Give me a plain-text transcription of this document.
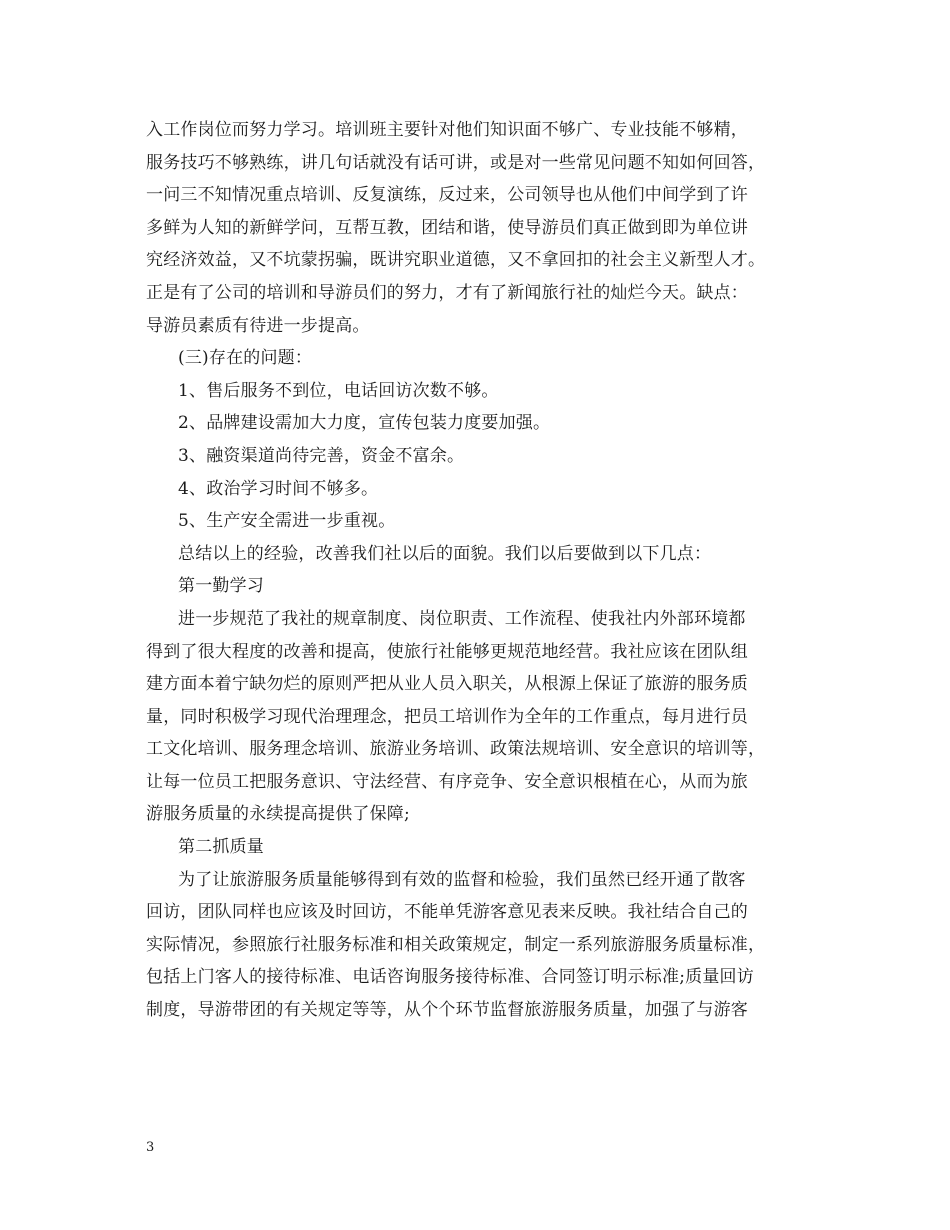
入工作岗位而努力学习。培训班主要针对他们知识面不够广、专业技能不够精，
服务技巧不够熟练，讲几句话就没有话可讲，或是对一些常见问题不知如何回答，
一问三不知情况重点培训、反复演练，反过来，公司领导也从他们中间学到了许
多鲜为人知的新鲜学问，互帮互教，团结和谐，使导游员们真正做到即为单位讲
究经济效益，又不坑蒙拐骗，既讲究职业道德，又不拿回扣的社会主义新型人才。
正是有了公司的培训和导游员们的努力，才有了新闻旅行社的灿烂今天。缺点：
导游员素质有待进一步提高。
(三)存在的问题：
1、售后服务不到位，电话回访次数不够。
2、品牌建设需加大力度，宣传包装力度要加强。
3、融资渠道尚待完善，资金不富余。
4、政治学习时间不够多。
5、生产安全需进一步重视。
总结以上的经验，改善我们社以后的面貌。我们以后要做到以下几点：
第一勤学习
进一步规范了我社的规章制度、岗位职责、工作流程、使我社内外部环境都
得到了很大程度的改善和提高，使旅行社能够更规范地经营。我社应该在团队组
建方面本着宁缺勿烂的原则严把从业人员入职关，从根源上保证了旅游的服务质
量，同时积极学习现代治理理念，把员工培训作为全年的工作重点，每月进行员
工文化培训、服务理念培训、旅游业务培训、政策法规培训、安全意识的培训等，
让每一位员工把服务意识、守法经营、有序竞争、安全意识根植在心，从而为旅
游服务质量的永续提高提供了保障;
第二抓质量
为了让旅游服务质量能够得到有效的监督和检验，我们虽然已经开通了散客
回访，团队同样也应该及时回访，不能单凭游客意见表来反映。我社结合自己的
实际情况，参照旅行社服务标准和相关政策规定，制定一系列旅游服务质量标准，
包括上门客人的接待标准、电话咨询服务接待标准、合同签订明示标准;质量回访
制度，导游带团的有关规定等等，从个个环节监督旅游服务质量，加强了与游客
3
